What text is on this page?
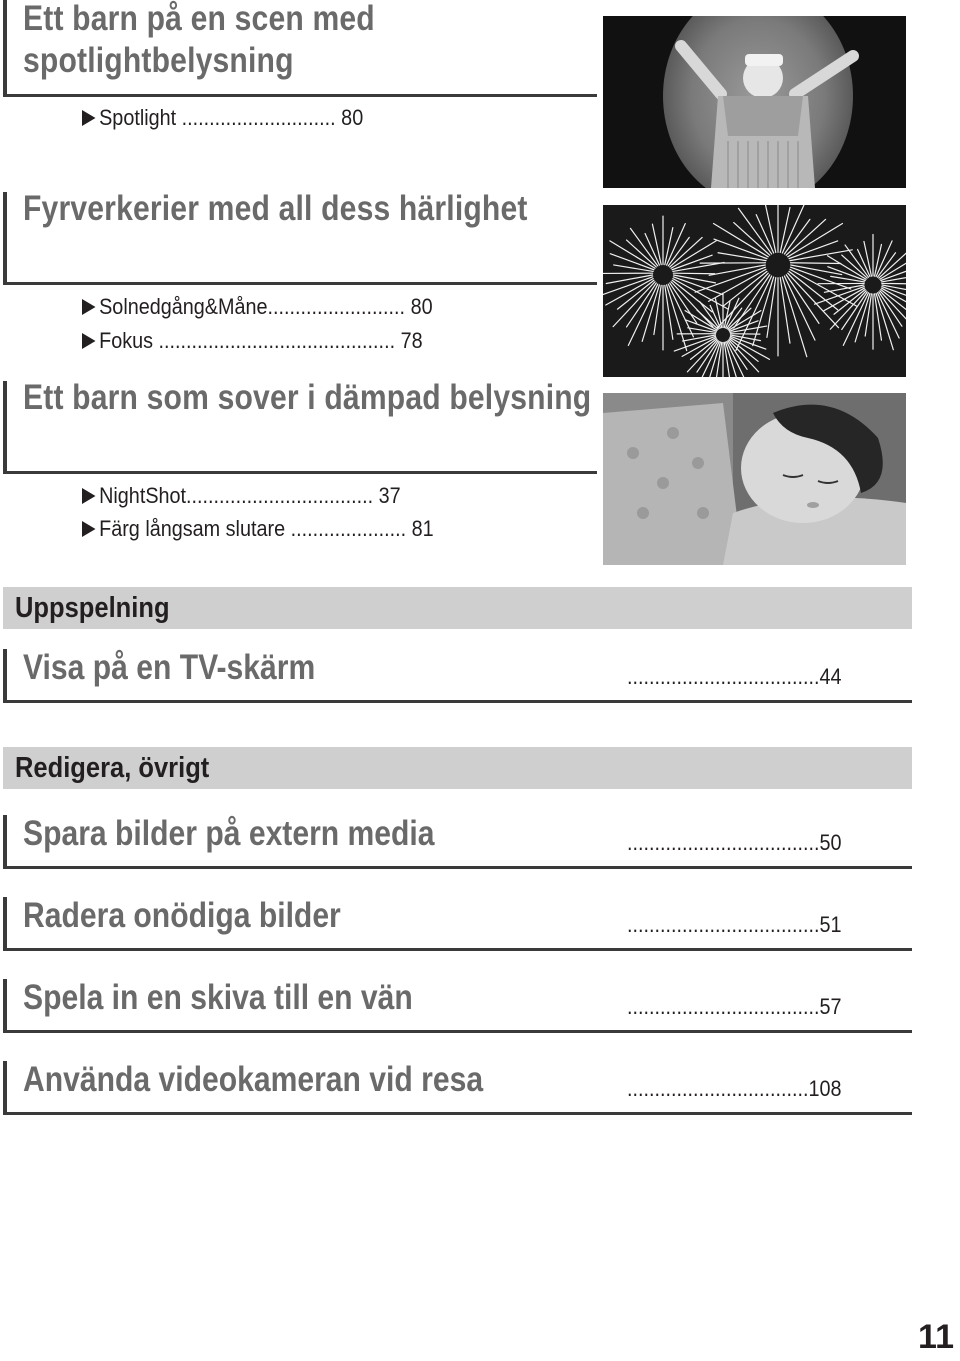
Ett barn på en scen med
spotlightbelysning
Spotlight ............................ 80
Fyrverkerier med all dess härlighet
Solnedgång&Måne......................... 80
Fokus ........................................... 78
Ett barn som sover i dämpad belysning
NightShot.................................. 37
Färg långsam slutare ..................... 81
Uppspelning
Visa på en TV-skärm	...................................44
Redigera, övrigt
Spara bilder på extern media	...................................50
Radera onödiga bilder	...................................51
Spela in en skiva till en vän	...................................57
Använda videokameran vid resa	.................................108
11
